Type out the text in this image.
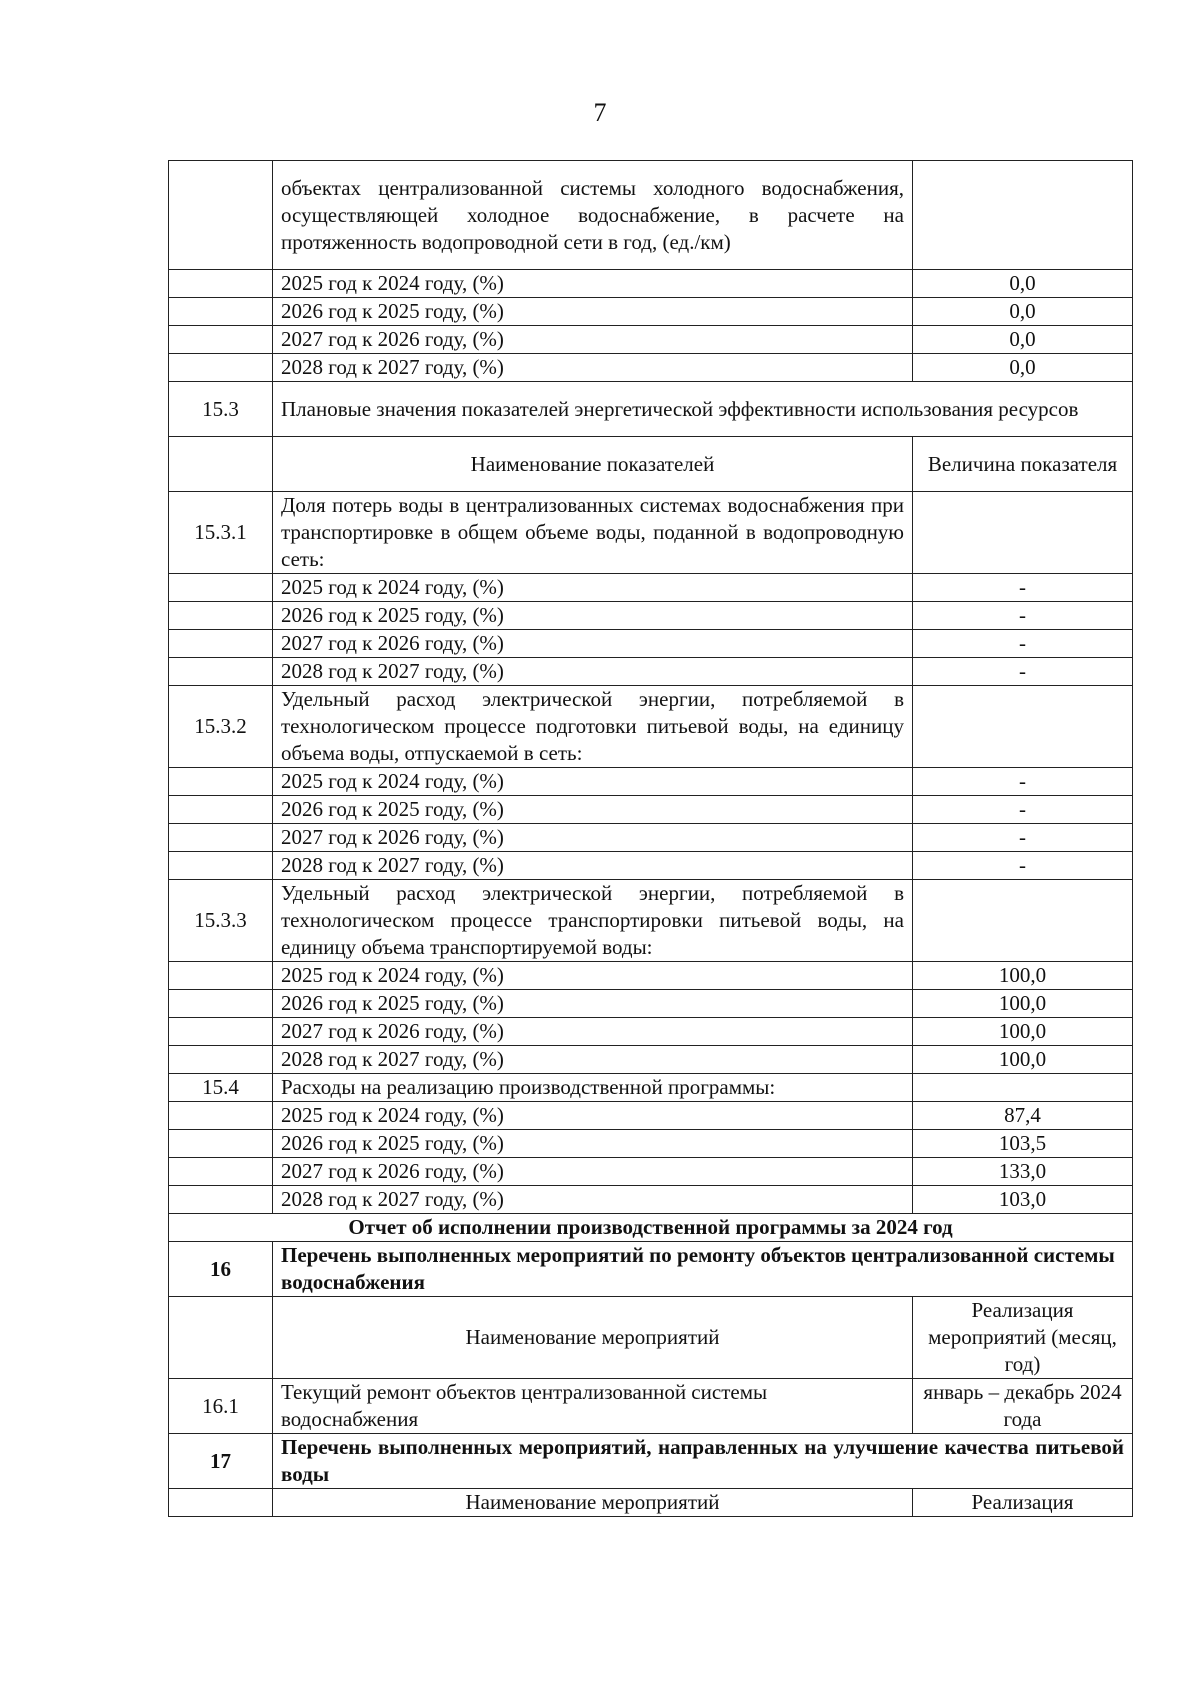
7
	объектах централизованной системы холодного водоснабжения, осуществляющей холодное водоснабжение, в расчете на протяженность водопроводной сети в год, (ед./км)	
	2025 год к 2024 году, (%)	0,0
	2026 год к 2025 году, (%)	0,0
	2027 год к 2026 году, (%)	0,0
	2028 год к 2027 году, (%)	0,0
15.3	Плановые значения показателей энергетической эффективности использования ресурсов	
	Наименование показателей	Величина показателя
15.3.1	Доля потерь воды в централизованных системах водоснабжения при транспортировке в общем объеме воды, поданной в водопроводную сеть:	
	2025 год к 2024 году, (%)	-
	2026 год к 2025 году, (%)	-
	2027 год к 2026 году, (%)	-
	2028 год к 2027 году, (%)	-
15.3.2	Удельный расход электрической энергии, потребляемой в технологическом процессе подготовки питьевой воды, на единицу объема воды, отпускаемой в сеть:	
	2025 год к 2024 году, (%)	-
	2026 год к 2025 году, (%)	-
	2027 год к 2026 году, (%)	-
	2028 год к 2027 году, (%)	-
15.3.3	Удельный расход электрической энергии, потребляемой в технологическом процессе транспортировки питьевой воды, на единицу объема транспортируемой воды:	
	2025 год к 2024 году, (%)	100,0
	2026 год к 2025 году, (%)	100,0
	2027 год к 2026 году, (%)	100,0
	2028 год к 2027 году, (%)	100,0
15.4	Расходы на реализацию производственной программы:	
	2025 год к 2024 году, (%)	87,4
	2026 год к 2025 году, (%)	103,5
	2027 год к 2026 году, (%)	133,0
	2028 год к 2027 году, (%)	103,0
Отчет об исполнении производственной программы за 2024 год		
16	Перечень выполненных мероприятий по ремонту объектов централизованной системы водоснабжения	
	Наименование мероприятий	Реализация мероприятий (месяц, год)
16.1	Текущий ремонт объектов централизованной системы водоснабжения	январь – декабрь 2024 года
17	Перечень выполненных мероприятий, направленных на улучшение качества питьевой воды	
	Наименование мероприятий	Реализация
